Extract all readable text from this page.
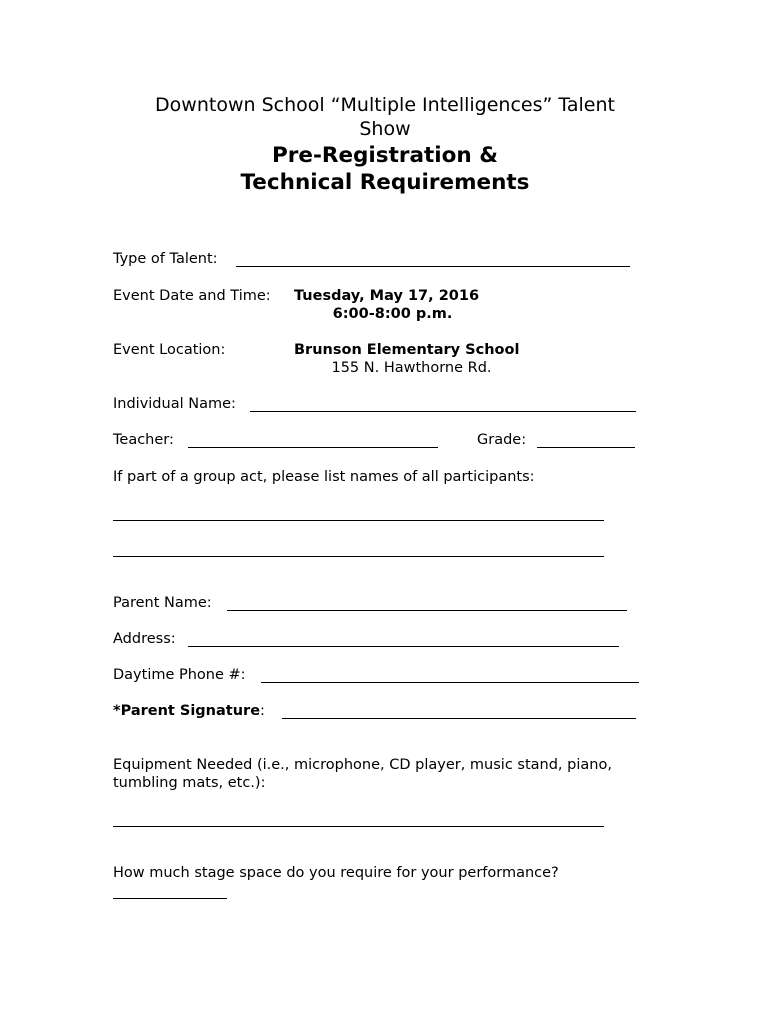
Downtown School “Multiple Intelligences” Talent
Show
Pre-Registration &
Technical Requirements
Type of Talent:
Event Date and Time: Tuesday, May 17, 2016
6:00-8:00 p.m.
Event Location:	Brunson Elementary School
155 N. Hawthorne Rd.
Individual Name:
Teacher:	Grade:
If part of a group act, please list names of all participants:
Parent Name:
Address:
Daytime Phone #:
*Parent Signature:
Equipment Needed (i.e., microphone, CD player, music stand, piano,
tumbling mats, etc.):
How much stage space do you require for your performance?
